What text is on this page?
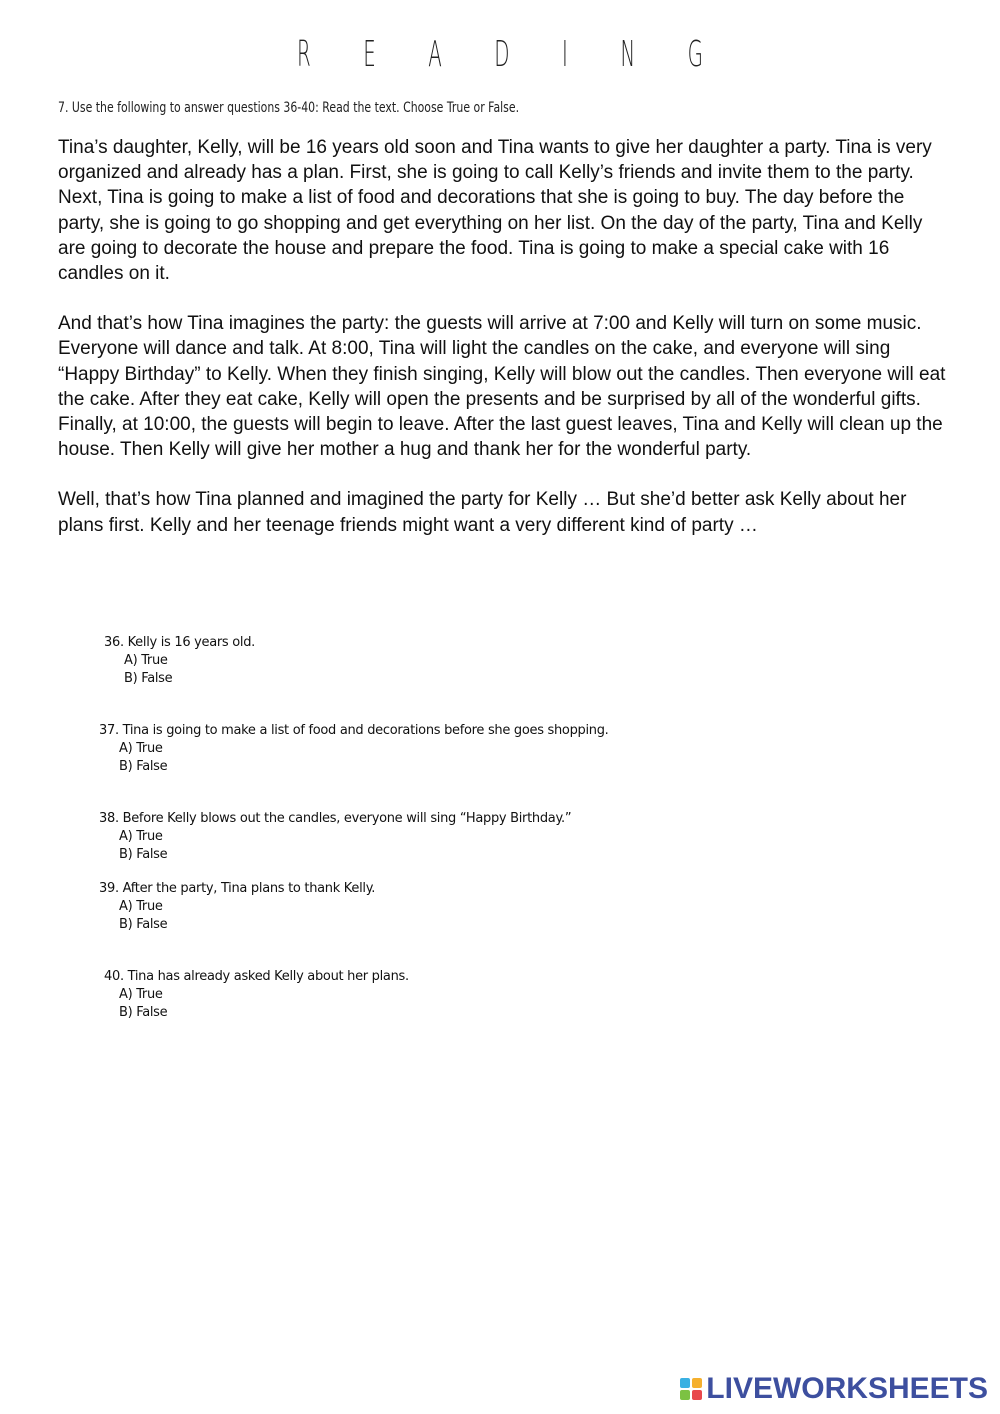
R E A D I N G
7. Use the following to answer questions 36-40: Read the text. Choose True or False.

Tina’s daughter, Kelly, will be 16 years old soon and Tina wants to give her daughter a party. Tina is very organized and already has a plan. First, she is going to call Kelly’s friends and invite them to the party. Next, Tina is going to make a list of food and decorations that she is going to buy. The day before the party, she is going to go shopping and get everything on her list. On the day of the party, Tina and Kelly are going to decorate the house and prepare the food. Tina is going to make a special cake with 16 candles on it.

And that’s how Tina imagines the party: the guests will arrive at 7:00 and Kelly will turn on some music. Everyone will dance and talk. At 8:00, Tina will light the candles on the cake, and everyone will sing “Happy Birthday” to Kelly. When they finish singing, Kelly will blow out the candles. Then everyone will eat the cake. After they eat cake, Kelly will open the presents and be surprised by all of the wonderful gifts. Finally, at 10:00, the guests will begin to leave. After the last guest leaves, Tina and Kelly will clean up the house. Then Kelly will give her mother a hug and thank her for the wonderful party.

Well, that’s how Tina planned and imagined the party for Kelly … But she’d better ask Kelly about her plans first. Kelly and her teenage friends might want a very different kind of party …

36. Kelly is 16 years old.
A) True
B) False
37. Tina is going to make a list of food and decorations before she goes shopping.
A) True
B) False
38. Before Kelly blows out the candles, everyone will sing “Happy Birthday.”
A) True
B) False
39. After the party, Tina plans to thank Kelly.
A) True
B) False
40. Tina has already asked Kelly about her plans.
A) True
B) False
LIVEWORKSHEETS
